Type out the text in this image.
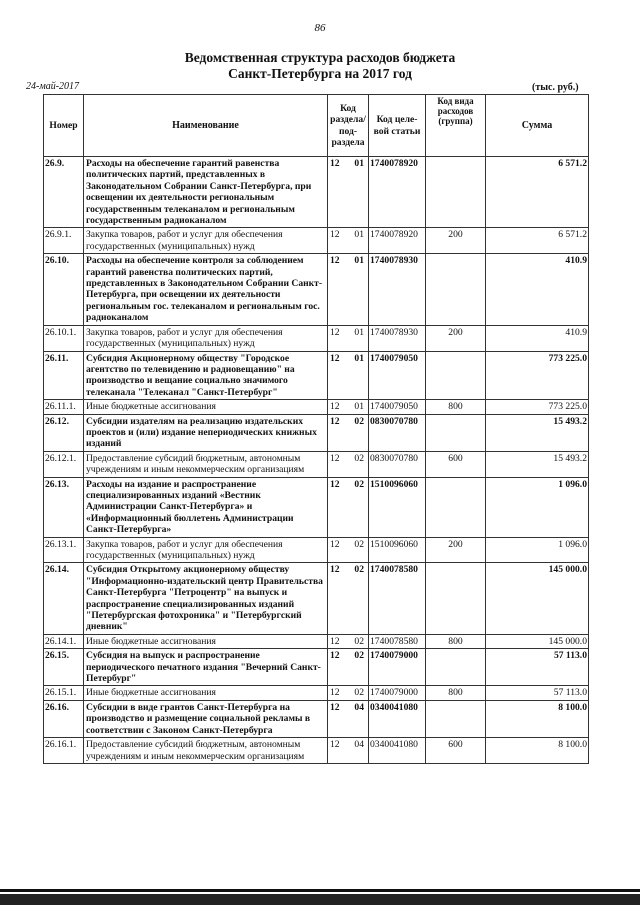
86
Ведомственная структура расходов бюджета
Санкт-Петербурга на 2017 год
24-май-2017	(тыс. руб.)
Номер	Наименование	Код раздела/ под- раздела	Код целе- вой статьи	Код вида расходов (группа)	Сумма
26.9.	Расходы на обеспечение гарантий равенства политических партий, представленных в Законодательном Собрании Санкт-Петербурга, при освещении их деятельности региональным государственным телеканалом и региональным государственным радиоканалом	12 01	1740078920		6 571.2
26.9.1.	Закупка товаров, работ и услуг для обеспечения государственных (муниципальных) нужд	12 01	1740078920	200	6 571.2
26.10.	Расходы на обеспечение контроля за соблюдением гарантий равенства политических партий, представленных в Законодательном Собрании Санкт-Петербурга, при освещении их деятельности региональным гос. телеканалом и региональным гос. радиоканалом	12 01	1740078930		410.9
26.10.1.	Закупка товаров, работ и услуг для обеспечения государственных (муниципальных) нужд	12 01	1740078930	200	410.9
26.11.	Субсидия Акционерному обществу "Городское агентство по телевидению и радиовещанию" на производство и вещание социально значимого телеканала "Телеканал "Санкт-Петербург"	12 01	1740079050		773 225.0
26.11.1.	Иные бюджетные ассигнования	12 01	1740079050	800	773 225.0
26.12.	Субсидии издателям на реализацию издательских проектов и (или) издание непериодических книжных изданий	12 02	0830070780		15 493.2
26.12.1.	Предоставление субсидий бюджетным, автономным учреждениям и иным некоммерческим организациям	12 02	0830070780	600	15 493.2
26.13.	Расходы на издание и распространение специализированных изданий «Вестник Администрации Санкт-Петербурга» и «Информационный бюллетень Администрации Санкт-Петербурга»	12 02	1510096060		1 096.0
26.13.1.	Закупка товаров, работ и услуг для обеспечения государственных (муниципальных) нужд	12 02	1510096060	200	1 096.0
26.14.	Субсидия Открытому акционерному обществу "Информационно-издательский центр Правительства Санкт-Петербурга "Петроцентр" на выпуск и распространение специализированных изданий "Петербургская фотохроника" и "Петербургский дневник"	12 02	1740078580		145 000.0
26.14.1.	Иные бюджетные ассигнования	12 02	1740078580	800	145 000.0
26.15.	Субсидия на выпуск и распространение периодического печатного издания "Вечерний Санкт-Петербург"	12 02	1740079000		57 113.0
26.15.1.	Иные бюджетные ассигнования	12 02	1740079000	800	57 113.0
26.16.	Субсидии в виде грантов Санкт-Петербурга на производство и размещение социальной рекламы в соответствии с Законом Санкт-Петербурга	12 04	0340041080		8 100.0
26.16.1.	Предоставление субсидий бюджетным, автономным учреждениям и иным некоммерческим организациям	12 04	0340041080	600	8 100.0
